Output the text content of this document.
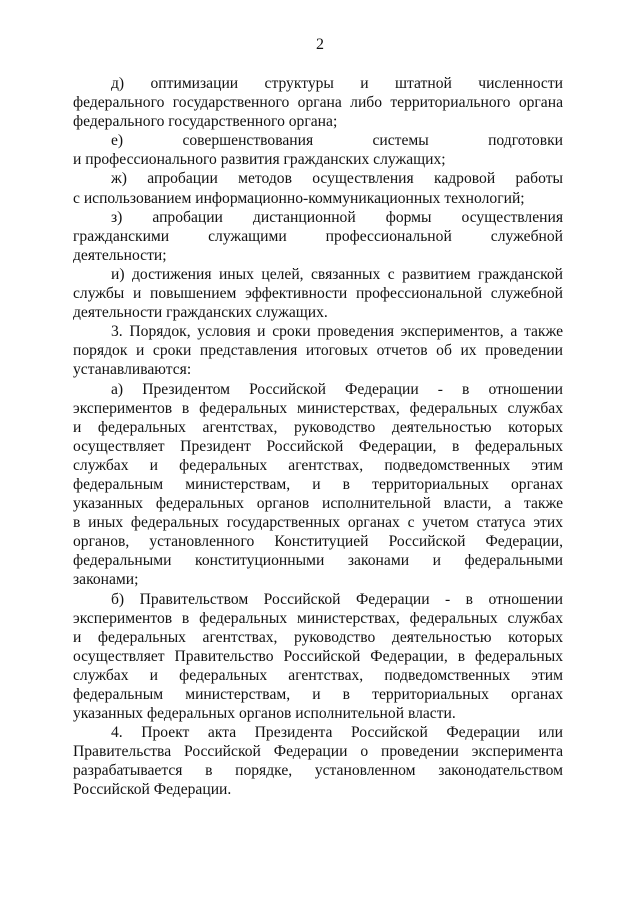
2
д) оптимизации структуры и штатной численности
федерального государственного органа либо территориального органа
федерального государственного органа;
е) совершенствования системы подготовки
и профессионального развития гражданских служащих;
ж) апробации методов осуществления кадровой работы
с использованием информационно-коммуникационных технологий;
з) апробации дистанционной формы осуществления
гражданскими служащими профессиональной служебной
деятельности;
и) достижения иных целей, связанных с развитием гражданской
службы и повышением эффективности профессиональной служебной
деятельности гражданских служащих.
3. Порядок, условия и сроки проведения экспериментов, а также
порядок и сроки представления итоговых отчетов об их проведении
устанавливаются:
а) Президентом Российской Федерации - в отношении
экспериментов в федеральных министерствах, федеральных службах
и федеральных агентствах, руководство деятельностью которых
осуществляет Президент Российской Федерации, в федеральных
службах и федеральных агентствах, подведомственных этим
федеральным министерствам, и в территориальных органах
указанных федеральных органов исполнительной власти, а также
в иных федеральных государственных органах с учетом статуса этих
органов, установленного Конституцией Российской Федерации,
федеральными конституционными законами и федеральными
законами;
б) Правительством Российской Федерации - в отношении
экспериментов в федеральных министерствах, федеральных службах
и федеральных агентствах, руководство деятельностью которых
осуществляет Правительство Российской Федерации, в федеральных
службах и федеральных агентствах, подведомственных этим
федеральным министерствам, и в территориальных органах
указанных федеральных органов исполнительной власти.
4. Проект акта Президента Российской Федерации или
Правительства Российской Федерации о проведении эксперимента
разрабатывается в порядке, установленном законодательством
Российской Федерации.
